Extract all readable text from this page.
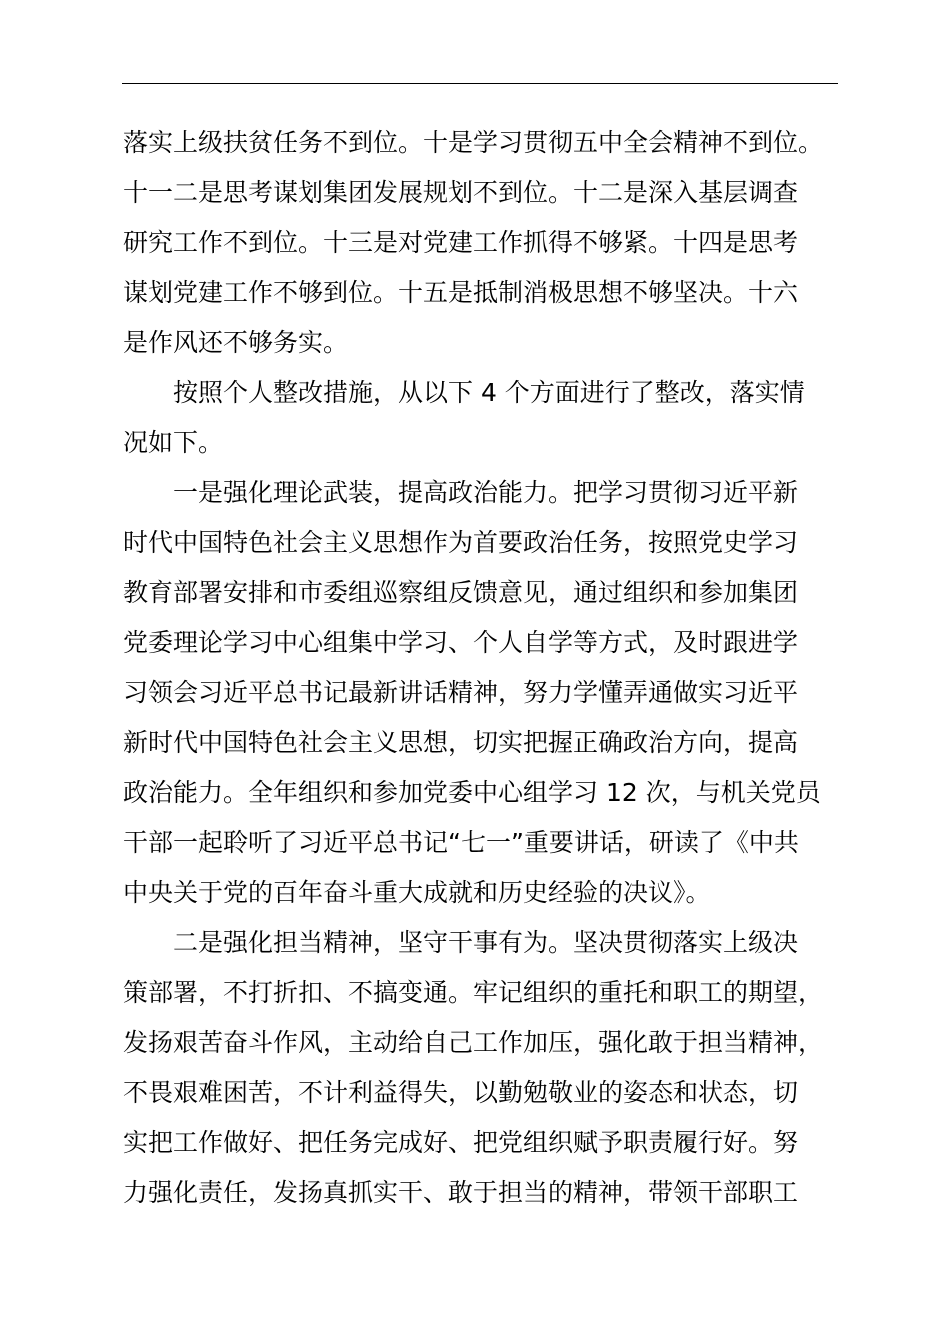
落实上级扶贫任务不到位。十是学习贯彻五中全会精神不到位。
十一二是思考谋划集团发展规划不到位。十二是深入基层调查
研究工作不到位。十三是对党建工作抓得不够紧。十四是思考
谋划党建工作不够到位。十五是抵制消极思想不够坚决。十六
是作风还不够务实。
按照个人整改措施，从以下 4 个方面进行了整改，落实情
况如下。
一是强化理论武装，提高政治能力。把学习贯彻习近平新
时代中国特色社会主义思想作为首要政治任务，按照党史学习
教育部署安排和市委组巡察组反馈意见，通过组织和参加集团
党委理论学习中心组集中学习、个人自学等方式，及时跟进学
习领会习近平总书记最新讲话精神，努力学懂弄通做实习近平
新时代中国特色社会主义思想，切实把握正确政治方向，提高
政治能力。全年组织和参加党委中心组学习 12 次，与机关党员
干部一起聆听了习近平总书记“七一”重要讲话，研读了《中共
中央关于党的百年奋斗重大成就和历史经验的决议》。
二是强化担当精神，坚守干事有为。坚决贯彻落实上级决
策部署，不打折扣、不搞变通。牢记组织的重托和职工的期望，
发扬艰苦奋斗作风，主动给自己工作加压，强化敢于担当精神，
不畏艰难困苦，不计利益得失，以勤勉敬业的姿态和状态，切
实把工作做好、把任务完成好、把党组织赋予职责履行好。努
力强化责任，发扬真抓实干、敢于担当的精神，带领干部职工
